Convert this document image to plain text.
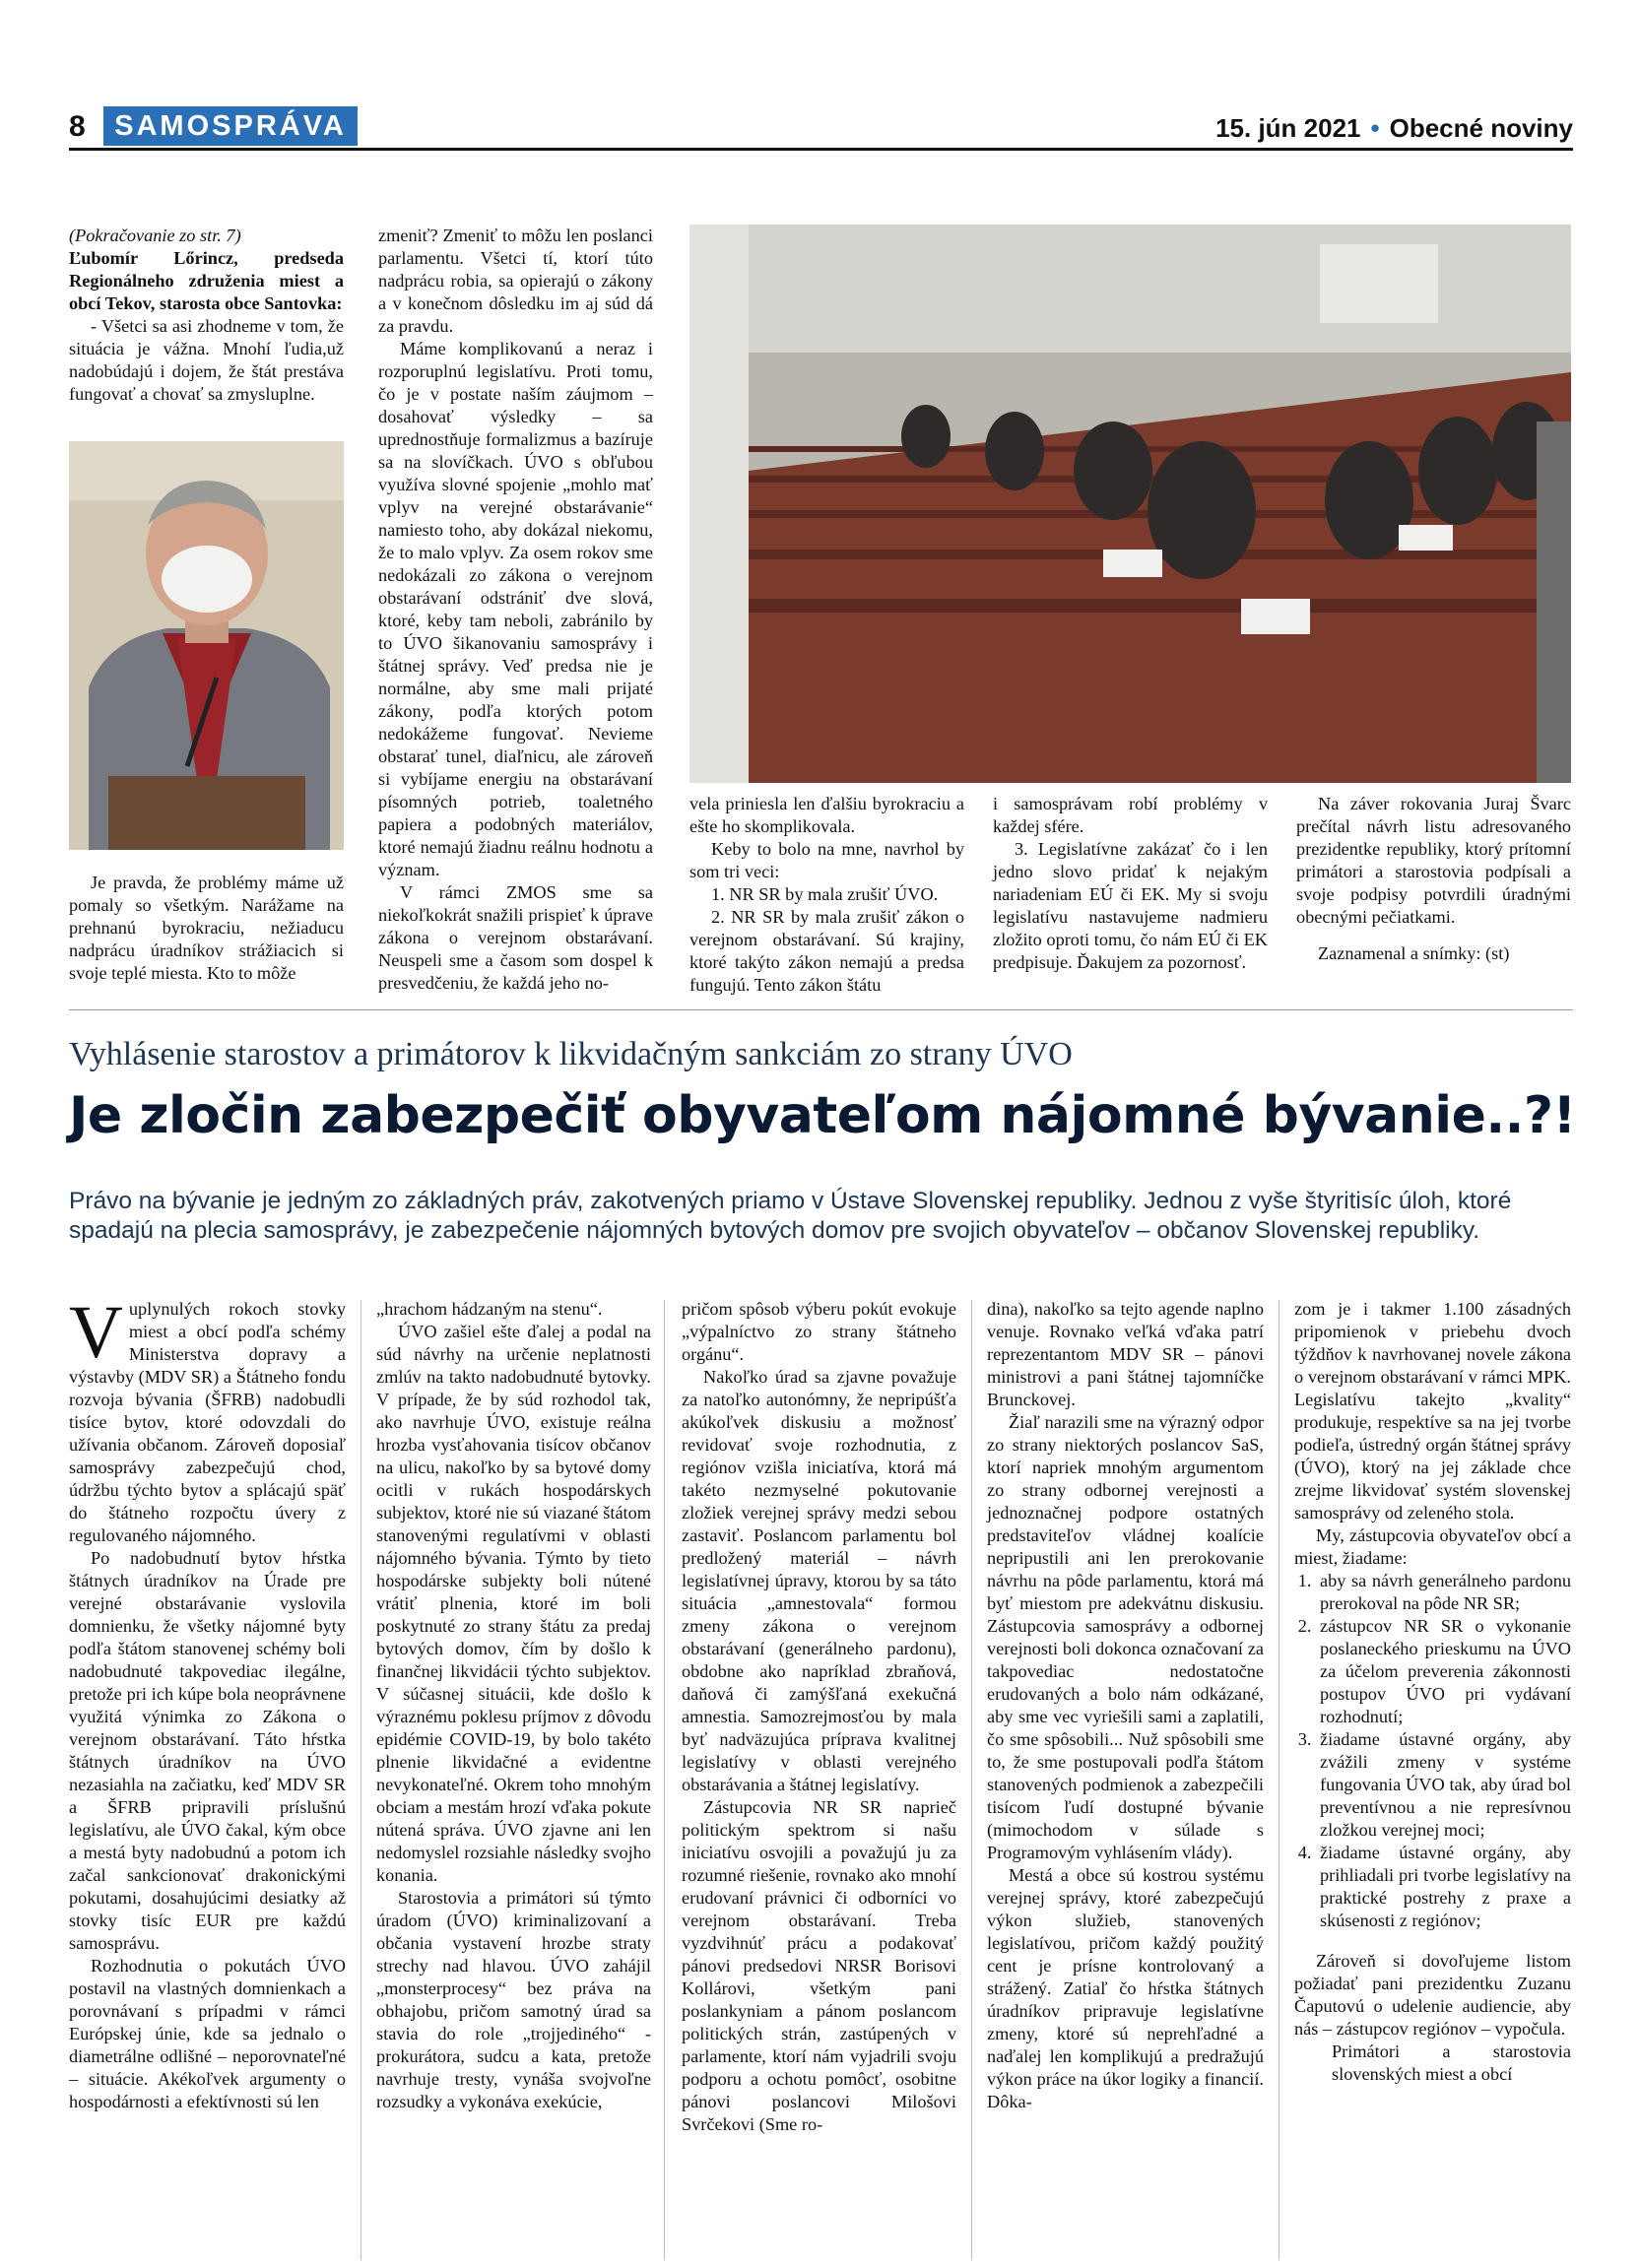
8	SAMOSPRÁVA	15. jún 2021 • Obecné noviny

(Pokračovanie zo str. 7)

Ľubomír Lőrincz, predseda Regionálneho združenia miest a obcí Tekov, starosta obce Santovka:

- Všetci sa asi zhodneme v tom, že situácia je vážna. Mnohí ľudia,už nadobúdajú i dojem, že štát prestáva fungovať a chovať sa zmysluplne.

Je pravda, že problémy máme už pomaly so všetkým. Narážame na prehnanú byrokraciu, nežiaducu nadprácu úradníkov strážiacich si svoje teplé miesta. Kto to môže

zmeniť? Zmeniť to môžu len poslanci parlamentu. Všetci tí, ktorí túto nadprácu robia, sa opierajú o zákony a v konečnom dôsledku im aj súd dá za pravdu.

Máme komplikovanú a neraz i rozporuplnú legislatívu. Proti tomu, čo je v postate naším záujmom – dosahovať výsledky – sa uprednostňuje formalizmus a bazíruje sa na slovíčkach. ÚVO s obľubou využíva slovné spojenie „mohlo mať vplyv na verejné obstarávanie“ namiesto toho, aby dokázal niekomu, že to malo vplyv. Za osem rokov sme nedokázali zo zákona o verejnom obstarávaní odstrániť dve slová, ktoré, keby tam neboli, zabránilo by to ÚVO šikanovaniu samosprávy i štátnej správy. Veď predsa nie je normálne, aby sme mali prijaté zákony, podľa ktorých potom nedokážeme fungovať. Nevieme obstarať tunel, diaľnicu, ale zároveň si vybíjame energiu na obstarávaní písomných potrieb, toaletného papiera a podobných materiálov, ktoré nemajú žiadnu reálnu hodnotu a význam.

V rámci ZMOS sme sa niekoľkokrát snažili prispieť k úprave zákona o verejnom obstarávaní. Neuspeli sme a časom som dospel k presvedčeniu, že každá jeho no-

vela priniesla len ďalšiu byrokraciu a ešte ho skomplikovala.

Keby to bolo na mne, navrhol by som tri veci:

1. NR SR by mala zrušiť ÚVO.

2. NR SR by mala zrušiť zákon o verejnom obstarávaní. Sú krajiny, ktoré takýto zákon nemajú a predsa fungujú. Tento zákon štátu

i samosprávam robí problémy v každej sfére.

3. Legislatívne zakázať čo i len jedno slovo pridať k nejakým nariadeniam EÚ či EK. My si svoju legislatívu nastavujeme nadmieru zložito oproti tomu, čo nám EÚ či EK predpisuje. Ďakujem za pozornosť.

Na záver rokovania Juraj Švarc prečítal návrh listu adresovaného prezidentke republiky, ktorý prítomní primátori a starostovia podpísali a svoje podpisy potvrdili úradnými obecnými pečiatkami.

Zaznamenal a snímky: (st)

Vyhlásenie starostov a primátorov k likvidačným sankciám zo strany ÚVO
Je zločin zabezpečiť obyvateľom nájomné bývanie..?!
Právo na bývanie je jedným zo základných práv, zakotvených priamo v Ústave Slovenskej republiky. Jednou z vyše štyritisíc úloh, ktoré spadajú na plecia samosprávy, je zabezpečenie nájomných bytových domov pre svojich obyvateľov – občanov Slovenskej republiky.

Vuplynulých rokoch stovky miest a obcí podľa schémy Ministerstva dopravy a výstavby (MDV SR) a Štátneho fondu rozvoja bývania (ŠFRB) nadobudli tisíce bytov, ktoré odovzdali do užívania občanom. Zároveň doposiaľ samosprávy zabezpečujú chod, údržbu týchto bytov a splácajú späť do štátneho rozpočtu úvery z regulovaného nájomného.

Po nadobudnutí bytov hŕstka štátnych úradníkov na Úrade pre verejné obstarávanie vyslovila domnienku, že všetky nájomné byty podľa štátom stanovenej schémy boli nadobudnuté takpovediac ilegálne, pretože pri ich kúpe bola neoprávnene využitá výnimka zo Zákona o verejnom obstarávaní. Táto hŕstka štátnych úradníkov na ÚVO nezasiahla na začiatku, keď MDV SR a ŠFRB pripravili príslušnú legislatívu, ale ÚVO čakal, kým obce a mestá byty nadobudnú a potom ich začal sankcionovať drakonickými pokutami, dosahujúcimi desiatky až stovky tisíc EUR pre každú samosprávu.

Rozhodnutia o pokutách ÚVO postavil na vlastných domnienkach a porovnávaní s prípadmi v rámci Európskej únie, kde sa jednalo o diametrálne odlišné – neporovnateľné – situácie. Akékoľvek argumenty o hospodárnosti a efektívnosti sú len

„hrachom hádzaným na stenu“.

ÚVO zašiel ešte ďalej a podal na súd návrhy na určenie neplatnosti zmlúv na takto nadobudnuté bytovky. V prípade, že by súd rozhodol tak, ako navrhuje ÚVO, existuje reálna hrozba vysťahovania tisícov občanov na ulicu, nakoľko by sa bytové domy ocitli v rukách hospodárskych subjektov, ktoré nie sú viazané štátom stanovenými regulatívmi v oblasti nájomného bývania. Týmto by tieto hospodárske subjekty boli nútené vrátiť plnenia, ktoré im boli poskytnuté zo strany štátu za predaj bytových domov, čím by došlo k finančnej likvidácii týchto subjektov. V súčasnej situácii, kde došlo k výraznému poklesu príjmov z dôvodu epidémie COVID-19, by bolo takéto plnenie likvidačné a evidentne nevykonateľné. Okrem toho mnohým obciam a mestám hrozí vďaka pokute nútená správa. ÚVO zjavne ani len nedomyslel rozsiahle následky svojho konania.

Starostovia a primátori sú týmto úradom (ÚVO) kriminalizovaní a občania vystavení hrozbe straty strechy nad hlavou. ÚVO zahájil „monsterprocesy“ bez práva na obhajobu, pričom samotný úrad sa stavia do role „trojjediného“ - prokurátora, sudcu a kata, pretože navrhuje tresty, vynáša svojvoľne rozsudky a vykonáva exekúcie,

pričom spôsob výberu pokút evokuje „výpalníctvo zo strany štátneho orgánu“.

Nakoľko úrad sa zjavne považuje za natoľko autonómny, že nepripúšťa akúkoľvek diskusiu a možnosť revidovať svoje rozhodnutia, z regiónov vzišla iniciatíva, ktorá má takéto nezmyselné pokutovanie zložiek verejnej správy medzi sebou zastaviť. Poslancom parlamentu bol predložený materiál – návrh legislatívnej úpravy, ktorou by sa táto situácia „amnestovala“ formou zmeny zákona o verejnom obstarávaní (generálneho pardonu), obdobne ako napríklad zbraňová, daňová či zamýšľaná exekučná amnestia. Samozrejmosťou by mala byť nadväzujúca príprava kvalitnej legislatívy v oblasti verejného obstarávania a štátnej legislatívy.

Zástupcovia NR SR naprieč politickým spektrom si našu iniciatívu osvojili a považujú ju za rozumné riešenie, rovnako ako mnohí erudovaní právnici či odborníci vo verejnom obstarávaní. Treba vyzdvihnúť prácu a podakovať pánovi predsedovi NRSR Borisovi Kollárovi, všetkým pani poslankyniam a pánom poslancom politických strán, zastúpených v parlamente, ktorí nám vyjadrili svoju podporu a ochotu pomôcť, osobitne pánovi poslancovi Milošovi Svrčekovi (Sme ro-

dina), nakoľko sa tejto agende naplno venuje. Rovnako veľká vďaka patrí reprezentantom MDV SR – pánovi ministrovi a pani štátnej tajomníčke Brunckovej.

Žiaľ narazili sme na výrazný odpor zo strany niektorých poslancov SaS, ktorí napriek mnohým argumentom zo strany odbornej verejnosti a jednoznačnej podpore ostatných predstaviteľov vládnej koalície nepripustili ani len prerokovanie návrhu na pôde parlamentu, ktorá má byť miestom pre adekvátnu diskusiu. Zástupcovia samosprávy a odbornej verejnosti boli dokonca označovaní za takpovediac nedostatočne erudovaných a bolo nám odkázané, aby sme vec vyriešili sami a zaplatili, čo sme spôsobili... Nuž spôsobili sme to, že sme postupovali podľa štátom stanovených podmienok a zabezpečili tisícom ľudí dostupné bývanie (mimochodom v súlade s Programovým vyhlásením vlády).

Mestá a obce sú kostrou systému verejnej správy, ktoré zabezpečujú výkon služieb, stanovených legislatívou, pričom každý použitý cent je prísne kontrolovaný a strážený. Zatiaľ čo hŕstka štátnych úradníkov pripravuje legislatívne zmeny, ktoré sú neprehľadné a naďalej len komplikujú a predražujú výkon práce na úkor logiky a financií. Dôka-

zom je i takmer 1.100 zásadných pripomienok v priebehu dvoch týždňov k navrhovanej novele zákona o verejnom obstarávaní v rámci MPK. Legislatívu takejto „kvality“ produkuje, respektíve sa na jej tvorbe podieľa, ústredný orgán štátnej správy (ÚVO), ktorý na jej základe chce zrejme likvidovať systém slovenskej samosprávy od zeleného stola.

My, zástupcovia obyvateľov obcí a miest, žiadame:

1. aby sa návrh generálneho pardonu prerokoval na pôde NR SR;
2. zástupcov NR SR o vykonanie poslaneckého prieskumu na ÚVO za účelom preverenia zákonnosti postupov ÚVO pri vydávaní rozhodnutí;
3. žiadame ústavné orgány, aby zvážili zmeny v systéme fungovania ÚVO tak, aby úrad bol preventívnou a nie represívnou zložkou verejnej moci;
4. žiadame ústavné orgány, aby prihliadali pri tvorbe legislatívy na praktické postrehy z praxe a skúsenosti z regiónov;

Zároveň si dovoľujeme listom požiadať pani prezidentku Zuzanu Čaputovú o udelenie audiencie, aby nás – zástupcov regiónov – vypočula.

Primátori a starostovia slovenských miest a obcí
